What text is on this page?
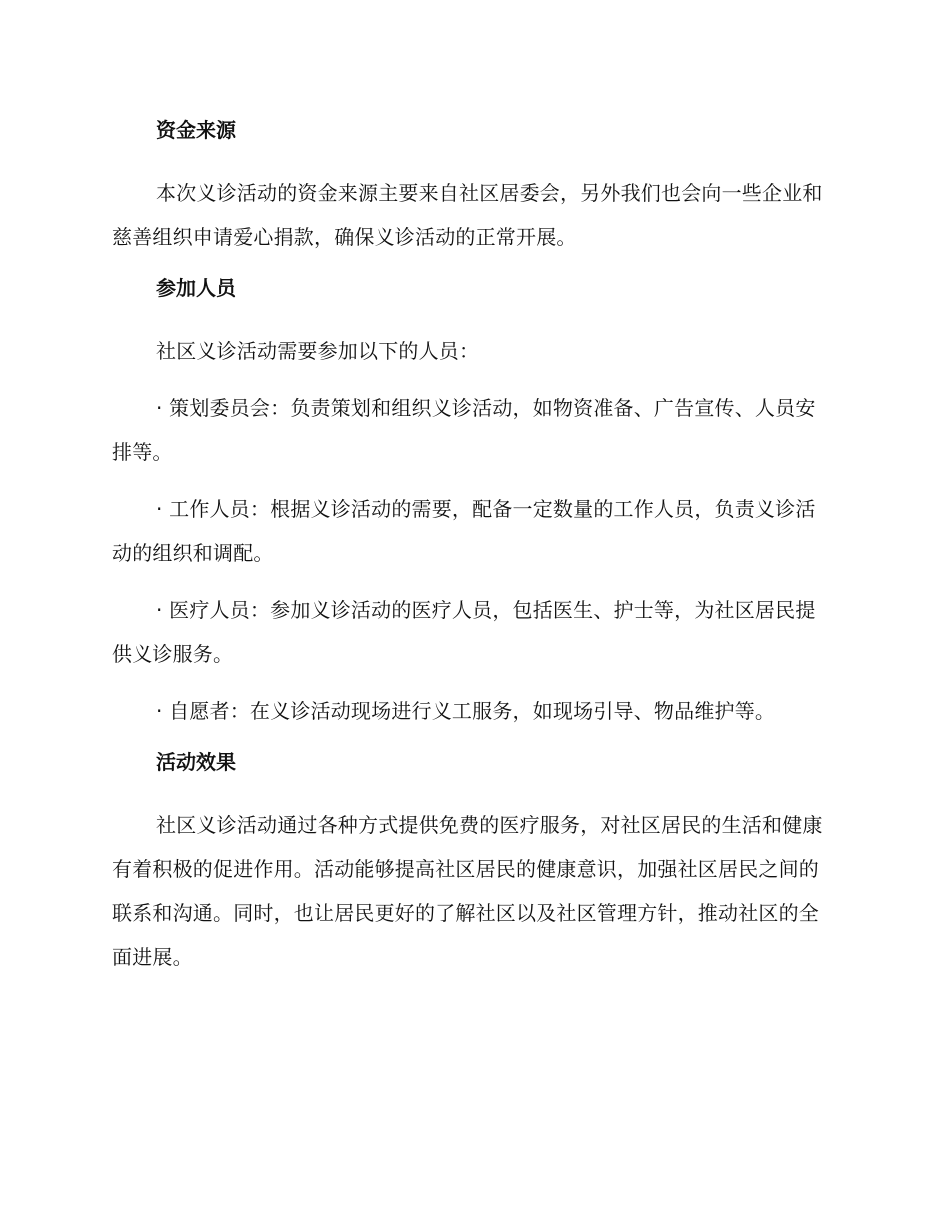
资金来源

本次义诊活动的资金来源主要来自社区居委会，另外我们也会向一些企业和慈善组织申请爱心捐款，确保义诊活动的正常开展。

参加人员

社区义诊活动需要参加以下的人员：

· 策划委员会：负责策划和组织义诊活动，如物资准备、广告宣传、人员安排等。

· 工作人员：根据义诊活动的需要，配备一定数量的工作人员，负责义诊活动的组织和调配。

· 医疗人员：参加义诊活动的医疗人员，包括医生、护士等，为社区居民提供义诊服务。

· 自愿者：在义诊活动现场进行义工服务，如现场引导、物品维护等。

活动效果

社区义诊活动通过各种方式提供免费的医疗服务，对社区居民的生活和健康有着积极的促进作用。活动能够提高社区居民的健康意识，加强社区居民之间的联系和沟通。同时，也让居民更好的了解社区以及社区管理方针，推动社区的全面进展。
